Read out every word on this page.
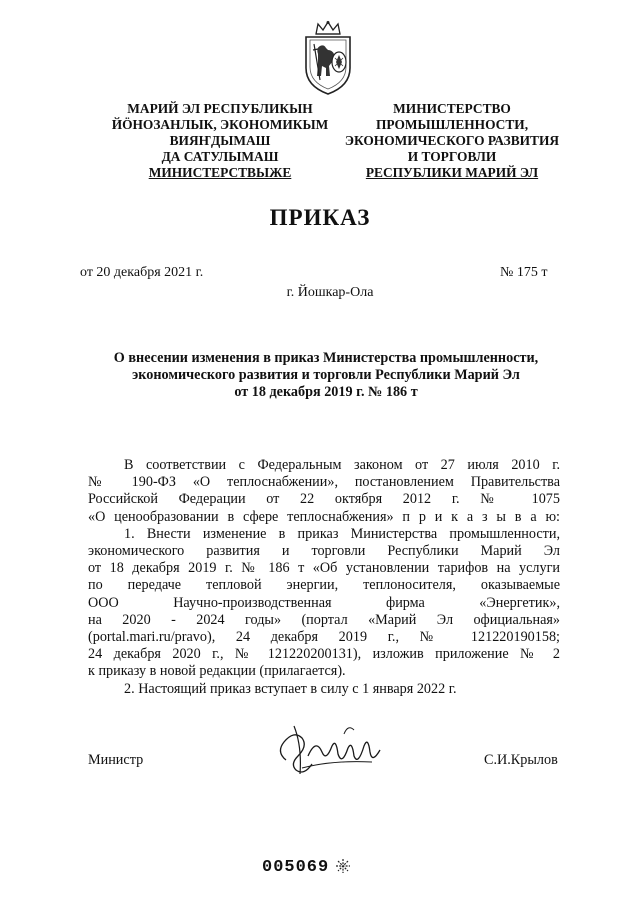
МАРИЙ ЭЛ РЕСПУБЛИКЫН
ЙӦНОЗАНЛЫК, ЭКОНОМИКЫМ
ВИЯҤДЫМАШ
ДА САТУЛЫМАШ
МИНИСТЕРСТВЫЖЕ
МИНИСТЕРСТВО
ПРОМЫШЛЕННОСТИ,
ЭКОНОМИЧЕСКОГО РАЗВИТИЯ
И ТОРГОВЛИ
РЕСПУБЛИКИ МАРИЙ ЭЛ
ПРИКАЗ
от 20 декабря 2021 г.	№ 175 т
г. Йошкар-Ола
О внесении изменения в приказ Министерства промышленности,
экономического развития и торговли Республики Марий Эл
от 18 декабря 2019 г. № 186 т
В соответствии с Федеральным законом от 27 июля 2010 г.
№ 190-ФЗ «О теплоснабжении», постановлением Правительства
Российской Федерации от 22 октября 2012 г. № 1075
«О ценообразовании в сфере теплоснабжения» п р и к а з ы в а ю:
1. Внести изменение в приказ Министерства промышленности,
экономического развития и торговли Республики Марий Эл
от 18 декабря 2019 г. № 186 т «Об установлении тарифов на услуги
по передаче тепловой энергии, теплоносителя, оказываемые
ООО Научно-производственная фирма «Энергетик»,
на 2020 - 2024 годы» (портал «Марий Эл официальная»
(portal.mari.ru/pravo), 24 декабря 2019 г., № 121220190158;
24 декабря 2020 г., № 121220200131), изложив приложение № 2
к приказу в новой редакции (прилагается).
2. Настоящий приказ вступает в силу с 1 января 2022 г.
Министр	С.И.Крылов
005069
